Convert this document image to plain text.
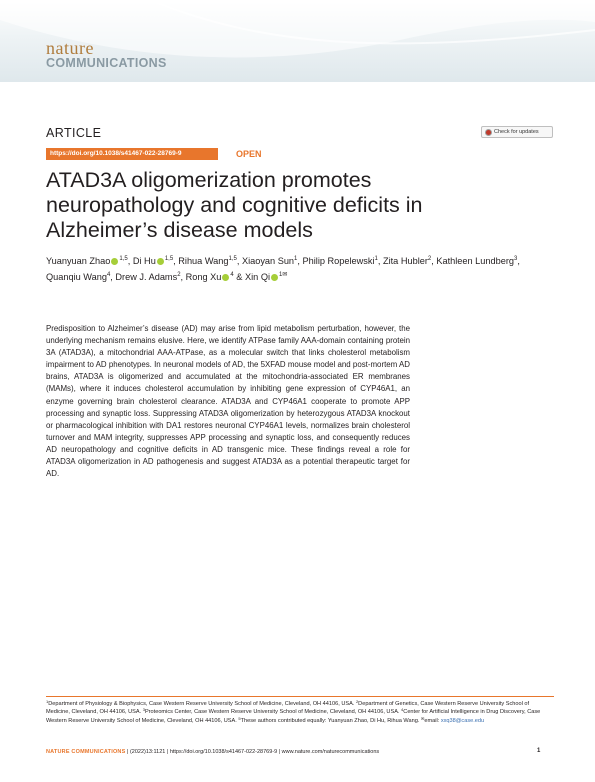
nature
COMMUNICATIONS
ARTICLE	Check for updates
https://doi.org/10.1038/s41467-022-28769-9	OPEN
ATAD3A oligomerization promotes neuropathology and cognitive deficits in Alzheimer’s disease models
Yuanyuan Zhao $^{1,5}$, Di Hu $^{1,5}$, Rihua Wang$^{1,5}$, Xiaoyan Sun$^1$, Philip Ropelewski$^1$, Zita Hubler$^2$, Kathleen Lundberg$^3$, Quanqiu Wang$^4$, Drew J. Adams$^2$, Rong Xu $^4$ & Xin Qi $^{1✉}$

Predisposition to Alzheimer’s disease (AD) may arise from lipid metabolism perturbation, however, the underlying mechanism remains elusive. Here, we identify ATPase family AAA-domain containing protein 3A (ATAD3A), a mitochondrial AAA-ATPase, as a molecular switch that links cholesterol metabolism impairment to AD phenotypes. In neuronal models of AD, the 5XFAD mouse model and post-mortem AD brains, ATAD3A is oligomerized and accumulated at the mitochondria-associated ER membranes (MAMs), where it induces cholesterol accumulation by inhibiting gene expression of CYP46A1, an enzyme governing brain cholesterol clearance. ATAD3A and CYP46A1 cooperate to promote APP processing and synaptic loss. Suppressing ATAD3A oligomerization by heterozygous ATAD3A knockout or pharmacological inhibition with DA1 restores neuronal CYP46A1 levels, normalizes brain cholesterol turnover and MAM integrity, suppresses APP processing and synaptic loss, and consequently reduces AD neuropathology and cognitive deficits in AD transgenic mice. These findings reveal a role for ATAD3A oligomerization in AD pathogenesis and suggest ATAD3A as a potential therapeutic target for AD.

$^1$Department of Physiology & Biophysics, Case Western Reserve University School of Medicine, Cleveland, OH 44106, USA. $^2$Department of Genetics, Case Western Reserve University School of Medicine, Cleveland, OH 44106, USA. $^3$Proteomics Center, Case Western Reserve University School of Medicine, Cleveland, OH 44106, USA. $^4$Center for Artificial Intelligence in Drug Discovery, Case Western Reserve University School of Medicine, Cleveland, OH 44106, USA. $^5$These authors contributed equally: Yuanyuan Zhao, Di Hu, Rihua Wang. ✉email: xxq38@case.edu
NATURE COMMUNICATIONS | (2022)13:1121 | https://doi.org/10.1038/s41467-022-28769-9 | www.nature.com/naturecommunications	1
